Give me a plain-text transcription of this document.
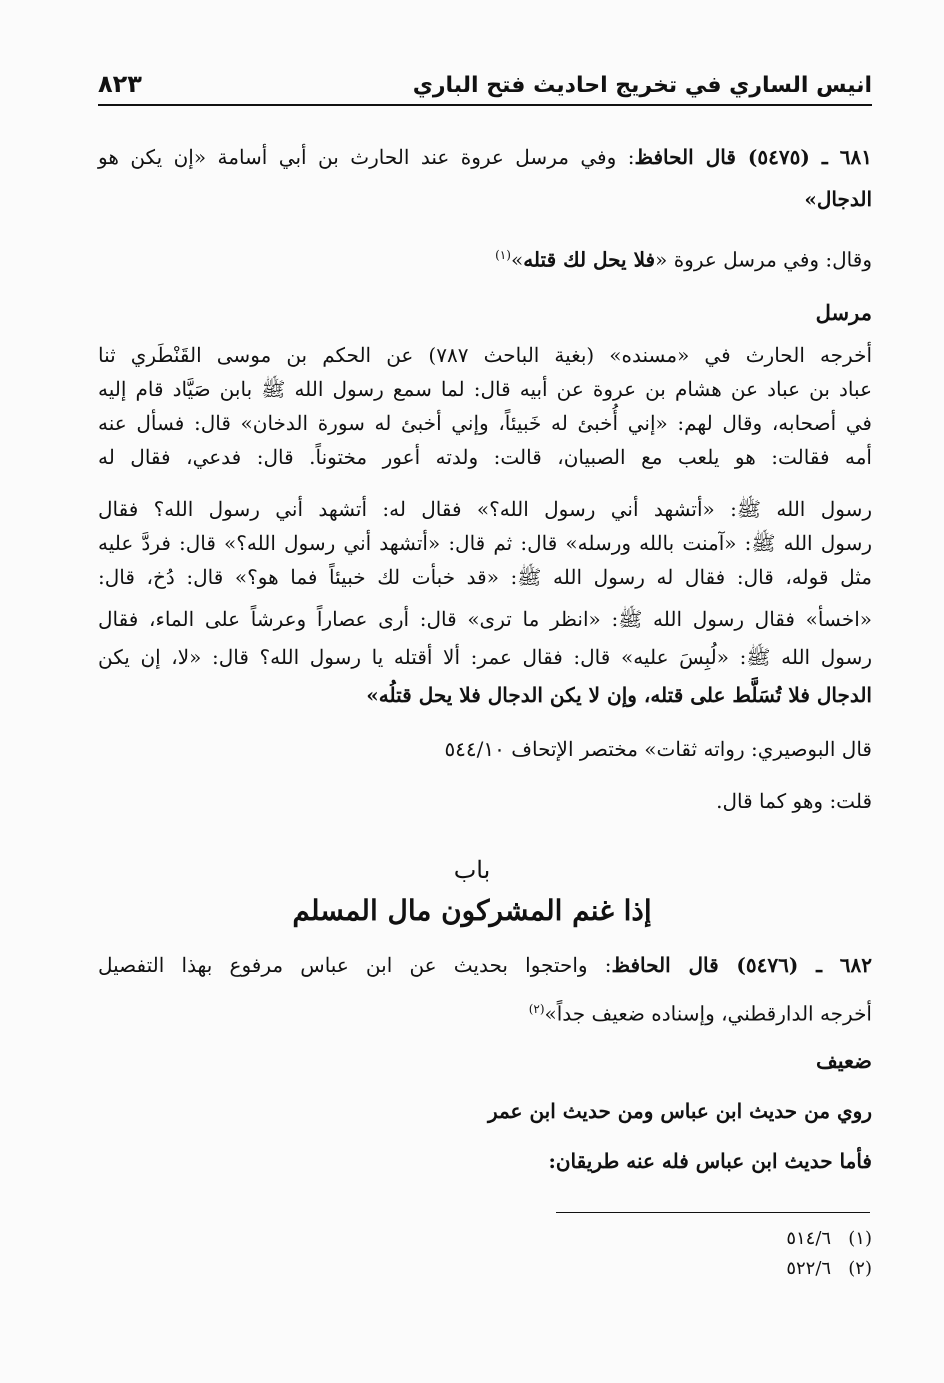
٨٢٣	انيس الساري في تخريج احاديث فتح الباري
٦٨١ ـ (٥٤٧٥) قال الحافظ: وفي مرسل عروة عند الحارث بن أبي أسامة «إن يكن هو
الدجال»
وقال: وفي مرسل عروة «فلا يحل لك قتله»$^{(١)}$
مرسل
أخرجه الحارث في «مسنده» (بغية الباحث ٧٨٧) عن الحكم بن موسى القَنْطَري ثنا
عباد بن عباد عن هشام بن عروة عن أبيه قال: لما سمع رسول الله ﷺ بابن صَيَّاد قام إليه
في أصحابه، وقال لهم: «إني أُخبئ له خَبيئاً، وإني أخبئ له سورة الدخان» قال: فسأل عنه
أمه فقالت: هو يلعب مع الصبيان، قالت: ولدته أعور مختوناً. قال: فدعي، فقال له
رسول الله ﷺ: «أتشهد أني رسول الله؟» فقال له: أتشهد أني رسول الله؟ فقال
رسول الله ﷺ: «آمنت بالله ورسله» قال: ثم قال: «أتشهد أني رسول الله؟» قال: فردَّ عليه
مثل قوله، قال: فقال له رسول الله ﷺ: «قد خبأت لك خبيئاً فما هو؟» قال: دُخ، قال:
«اخسأ» فقال رسول الله ﷺ: «انظر ما ترى» قال: أرى عصاراً وعرشاً على الماء، فقال
رسول الله ﷺ: «لُبِسَ عليه» قال: فقال عمر: ألا أقتله يا رسول الله؟ قال: «لا، إن يكن
الدجال فلا تُسَلَّط على قتله، وإن لا يكن الدجال فلا يحل قتلُه»
قال البوصيري: رواته ثقات» مختصر الإتحاف ٥٤٤/١٠
قلت: وهو كما قال.
باب
إذا غنم المشركون مال المسلم
٦٨٢ ـ (٥٤٧٦) قال الحافظ: واحتجوا بحديث عن ابن عباس مرفوع بهذا التفصيل
أخرجه الدارقطني، وإسناده ضعيف جداً»$^{(٢)}$
ضعيف
روي من حديث ابن عباس ومن حديث ابن عمر
فأما حديث ابن عباس فله عنه طريقان:
(١)   ٥١٤/٦
(٢)   ٥٢٢/٦
